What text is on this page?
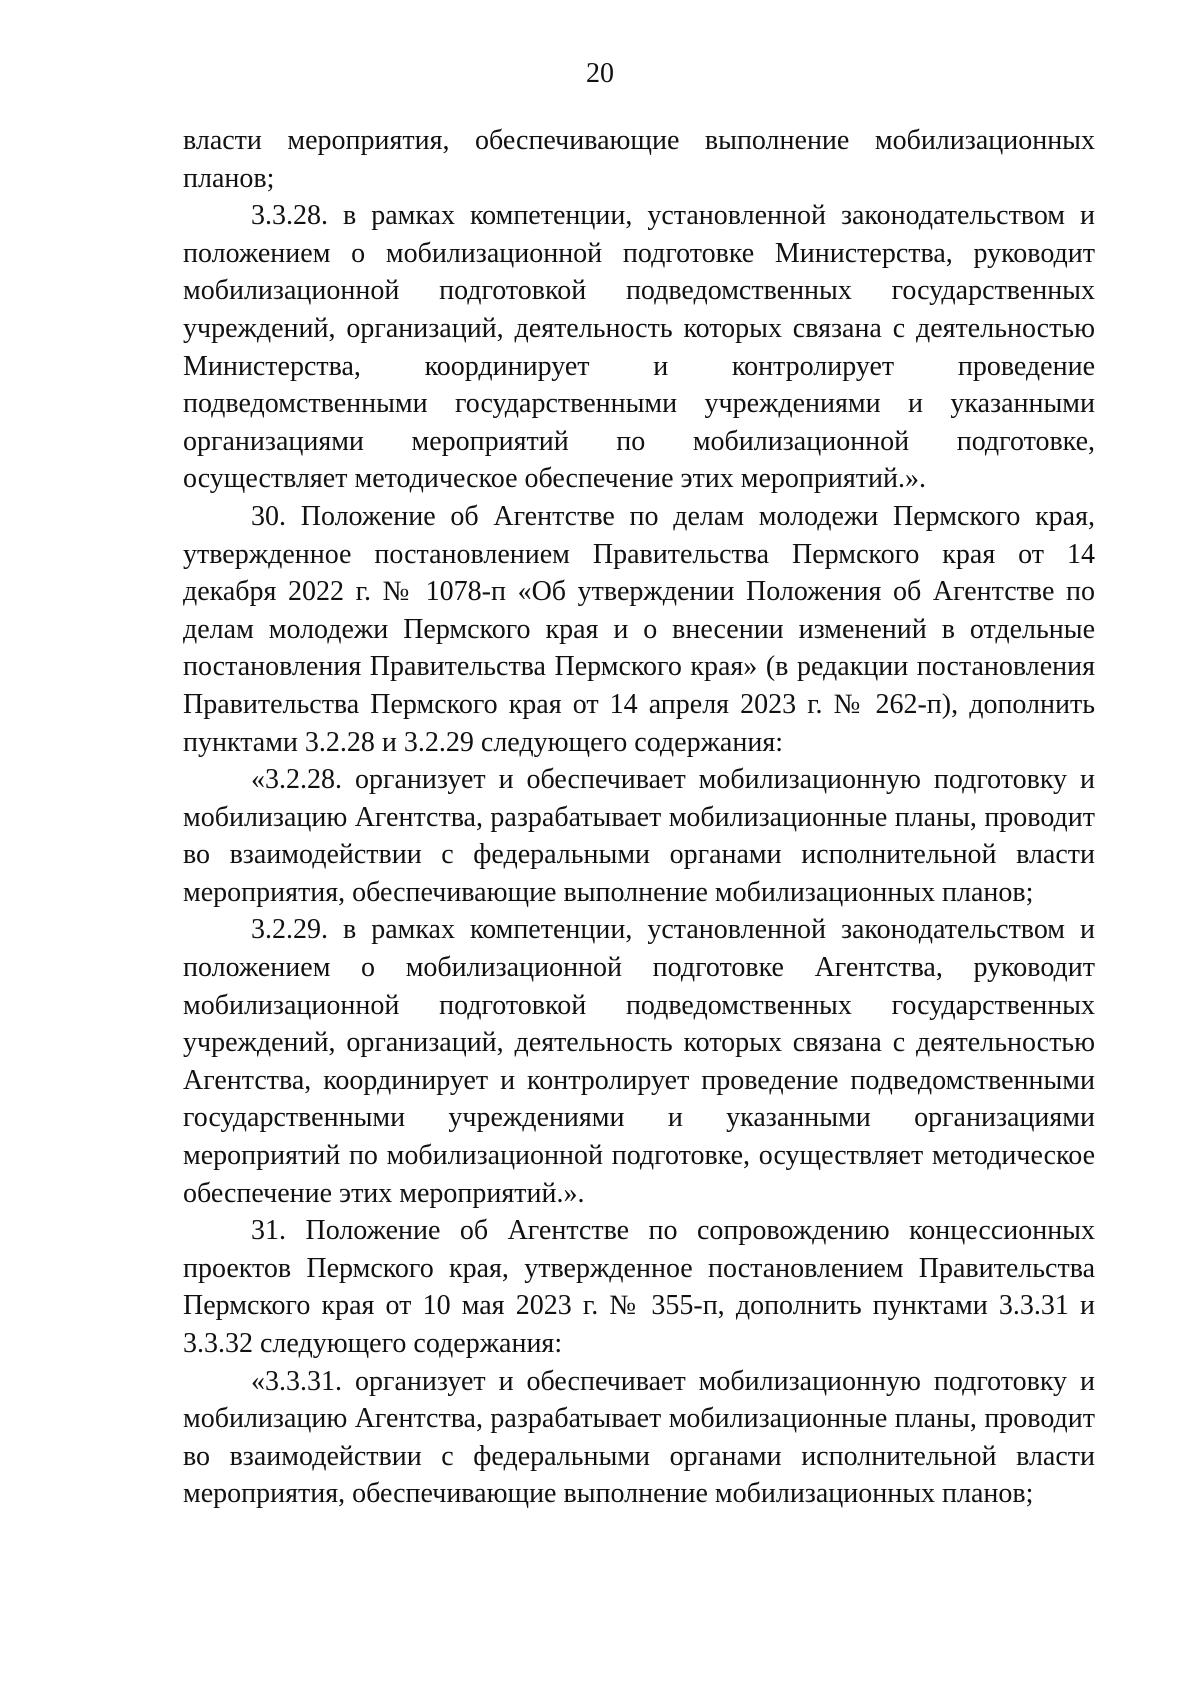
20

власти мероприятия, обеспечивающие выполнение мобилизационных планов;

3.3.28. в рамках компетенции, установленной законодательством и положением о мобилизационной подготовке Министерства, руководит мобилизационной подготовкой подведомственных государственных учреждений, организаций, деятельность которых связана с деятельностью Министерства, координирует и контролирует проведение подведомственными государственными учреждениями и указанными организациями мероприятий по мобилизационной подготовке, осуществляет методическое обеспечение этих мероприятий.».

30. Положение об Агентстве по делам молодежи Пермского края, утвержденное постановлением Правительства Пермского края от 14 декабря 2022 г. № 1078-п «Об утверждении Положения об Агентстве по делам молодежи Пермского края и о внесении изменений в отдельные постановления Правительства Пермского края» (в редакции постановления Правительства Пермского края от 14 апреля 2023 г. № 262-п), дополнить пунктами 3.2.28 и 3.2.29 следующего содержания:

«3.2.28. организует и обеспечивает мобилизационную подготовку и мобилизацию Агентства, разрабатывает мобилизационные планы, проводит во взаимодействии с федеральными органами исполнительной власти мероприятия, обеспечивающие выполнение мобилизационных планов;

3.2.29. в рамках компетенции, установленной законодательством и положением о мобилизационной подготовке Агентства, руководит мобилизационной подготовкой подведомственных государственных учреждений, организаций, деятельность которых связана с деятельностью Агентства, координирует и контролирует проведение подведомственными государственными учреждениями и указанными организациями мероприятий по мобилизационной подготовке, осуществляет методическое обеспечение этих мероприятий.».

31. Положение об Агентстве по сопровождению концессионных проектов Пермского края, утвержденное постановлением Правительства Пермского края от 10 мая 2023 г. № 355-п, дополнить пунктами 3.3.31 и 3.3.32 следующего содержания:

«3.3.31. организует и обеспечивает мобилизационную подготовку и мобилизацию Агентства, разрабатывает мобилизационные планы, проводит во взаимодействии с федеральными органами исполнительной власти мероприятия, обеспечивающие выполнение мобилизационных планов;
